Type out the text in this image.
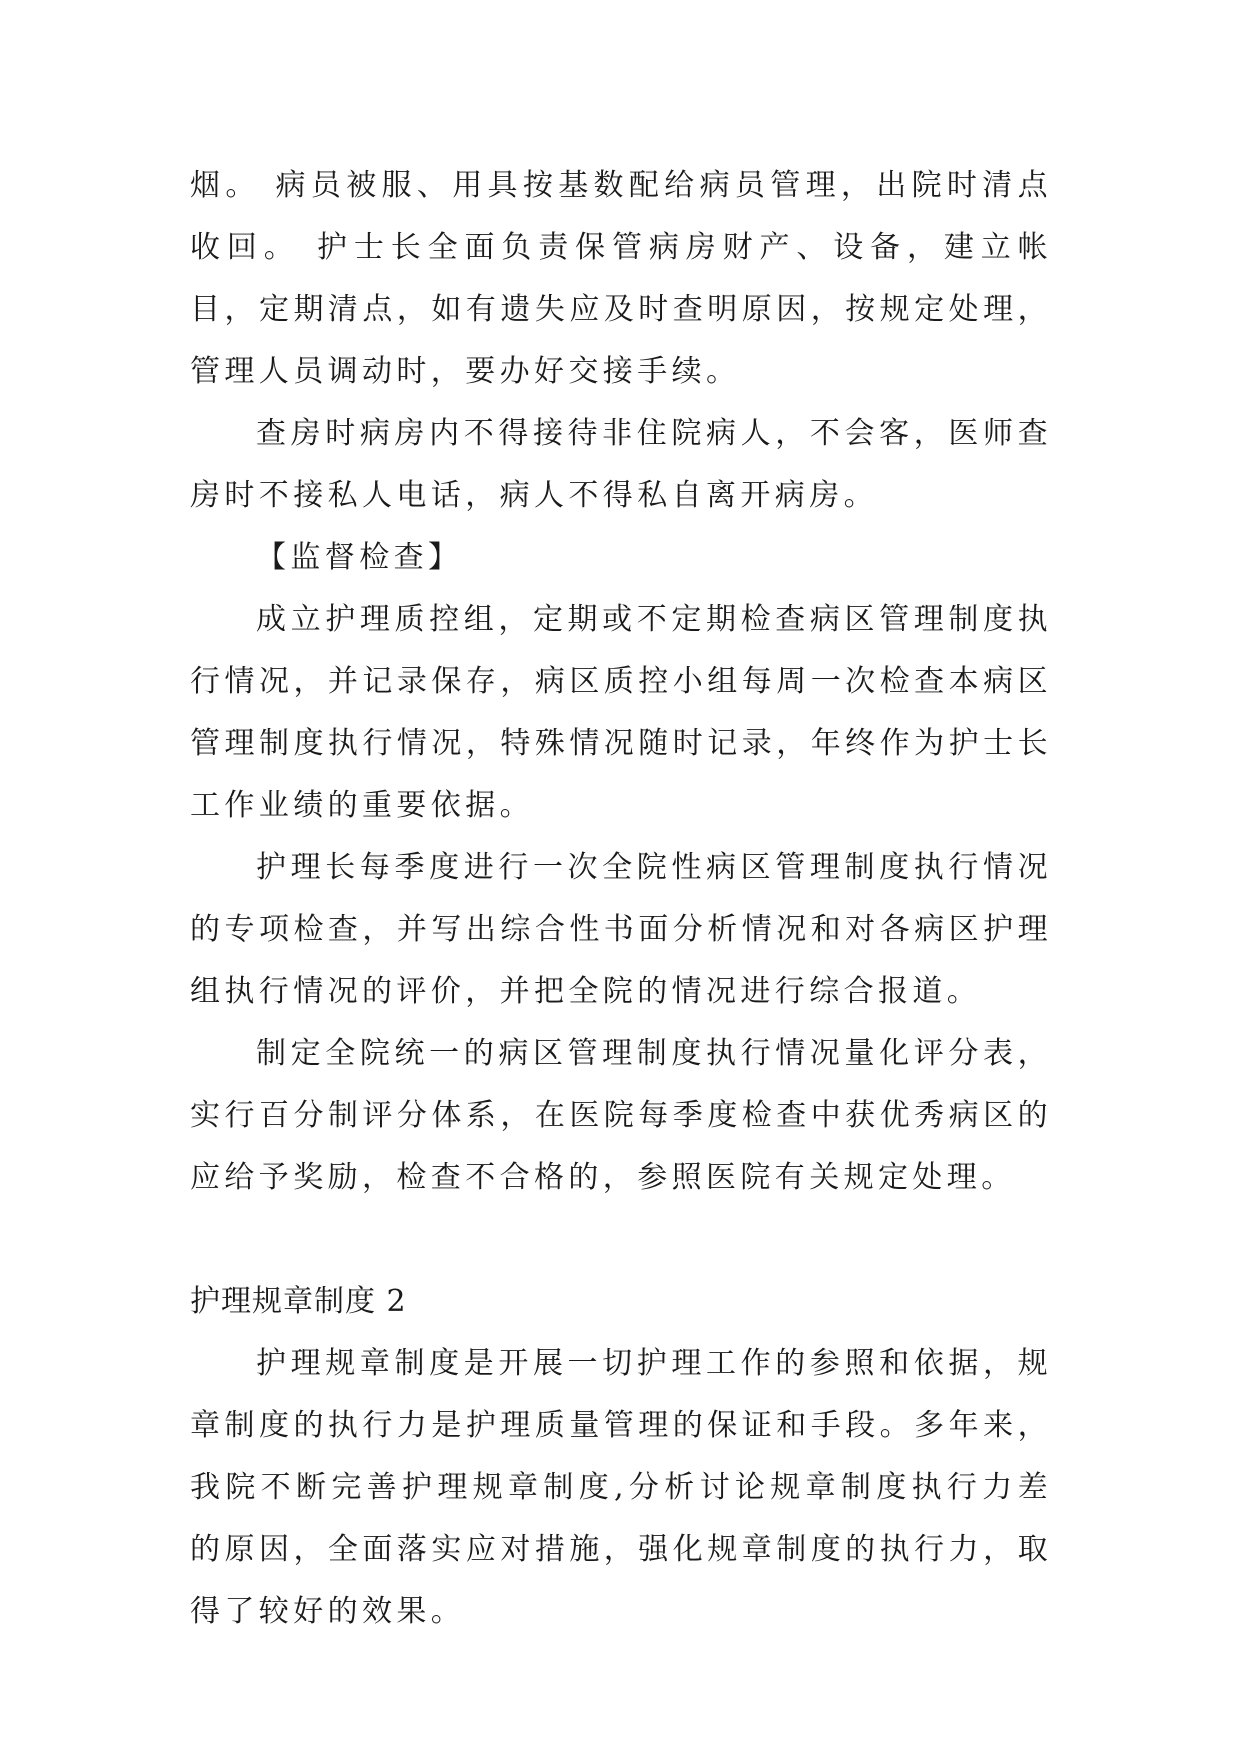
烟。 病员被服、用具按基数配给病员管理，出院时清点收回。 护士长全面负责保管病房财产、设备，建立帐目，定期清点，如有遗失应及时查明原因，按规定处理，管理人员调动时，要办好交接手续。

查房时病房内不得接待非住院病人，不会客，医师查房时不接私人电话，病人不得私自离开病房。

【监督检查】

成立护理质控组，定期或不定期检查病区管理制度执行情况，并记录保存，病区质控小组每周一次检查本病区管理制度执行情况，特殊情况随时记录，年终作为护士长工作业绩的重要依据。

护理长每季度进行一次全院性病区管理制度执行情况的专项检查，并写出综合性书面分析情况和对各病区护理组执行情况的评价，并把全院的情况进行综合报道。

制定全院统一的病区管理制度执行情况量化评分表，实行百分制评分体系，在医院每季度检查中获优秀病区的应给予奖励，检查不合格的，参照医院有关规定处理。

护理规章制度 2

护理规章制度是开展一切护理工作的参照和依据，规章制度的执行力是护理质量管理的保证和手段。多年来，我院不断完善护理规章制度,分析讨论规章制度执行力差的原因，全面落实应对措施，强化规章制度的执行力，取得了较好的效果。
